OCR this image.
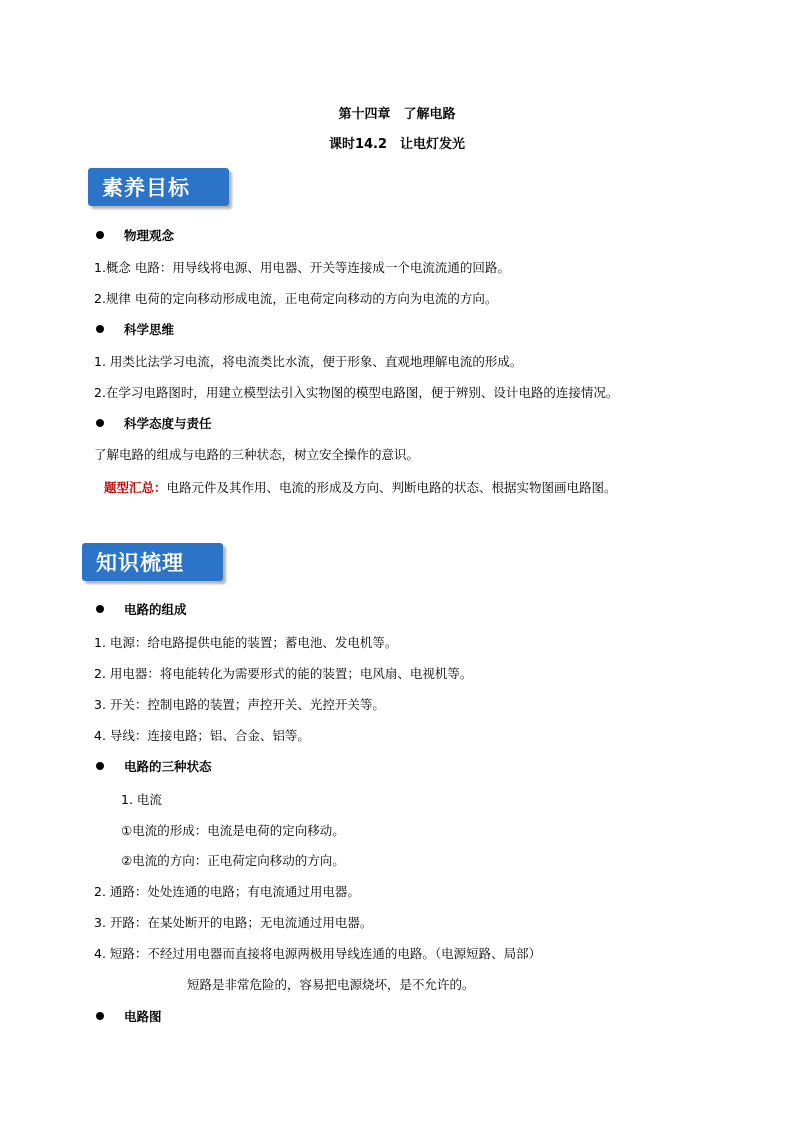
第十四章　了解电路
课时14.2　让电灯发光
素养目标
物理观念
1.概念 电路：用导线将电源、用电器、开关等连接成一个电流流通的回路。
2.规律 电荷的定向移动形成电流，正电荷定向移动的方向为电流的方向。
科学思维
1. 用类比法学习电流，将电流类比水流，便于形象、直观地理解电流的形成。
2.在学习电路图时，用建立模型法引入实物图的模型电路图，便于辨别、设计电路的连接情况。
科学态度与责任
了解电路的组成与电路的三种状态，树立安全操作的意识。
题型汇总：电路元件及其作用、电流的形成及方向、判断电路的状态、根据实物图画电路图。
知识梳理
电路的组成
1. 电源：给电路提供电能的装置；蓄电池、发电机等。
2. 用电器：将电能转化为需要形式的能的装置；电风扇、电视机等。
3. 开关：控制电路的装置；声控开关、光控开关等。
4. 导线：连接电路；铝、合金、铝等。
电路的三种状态
1. 电流
①电流的形成：电流是电荷的定向移动。
②电流的方向：正电荷定向移动的方向。
2. 通路：处处连通的电路；有电流通过用电器。
3. 开路：在某处断开的电路；无电流通过用电器。
4. 短路：不经过用电器而直接将电源两极用导线连通的电路。（电源短路、局部）
短路是非常危险的，容易把电源烧坏，是不允许的。
电路图
